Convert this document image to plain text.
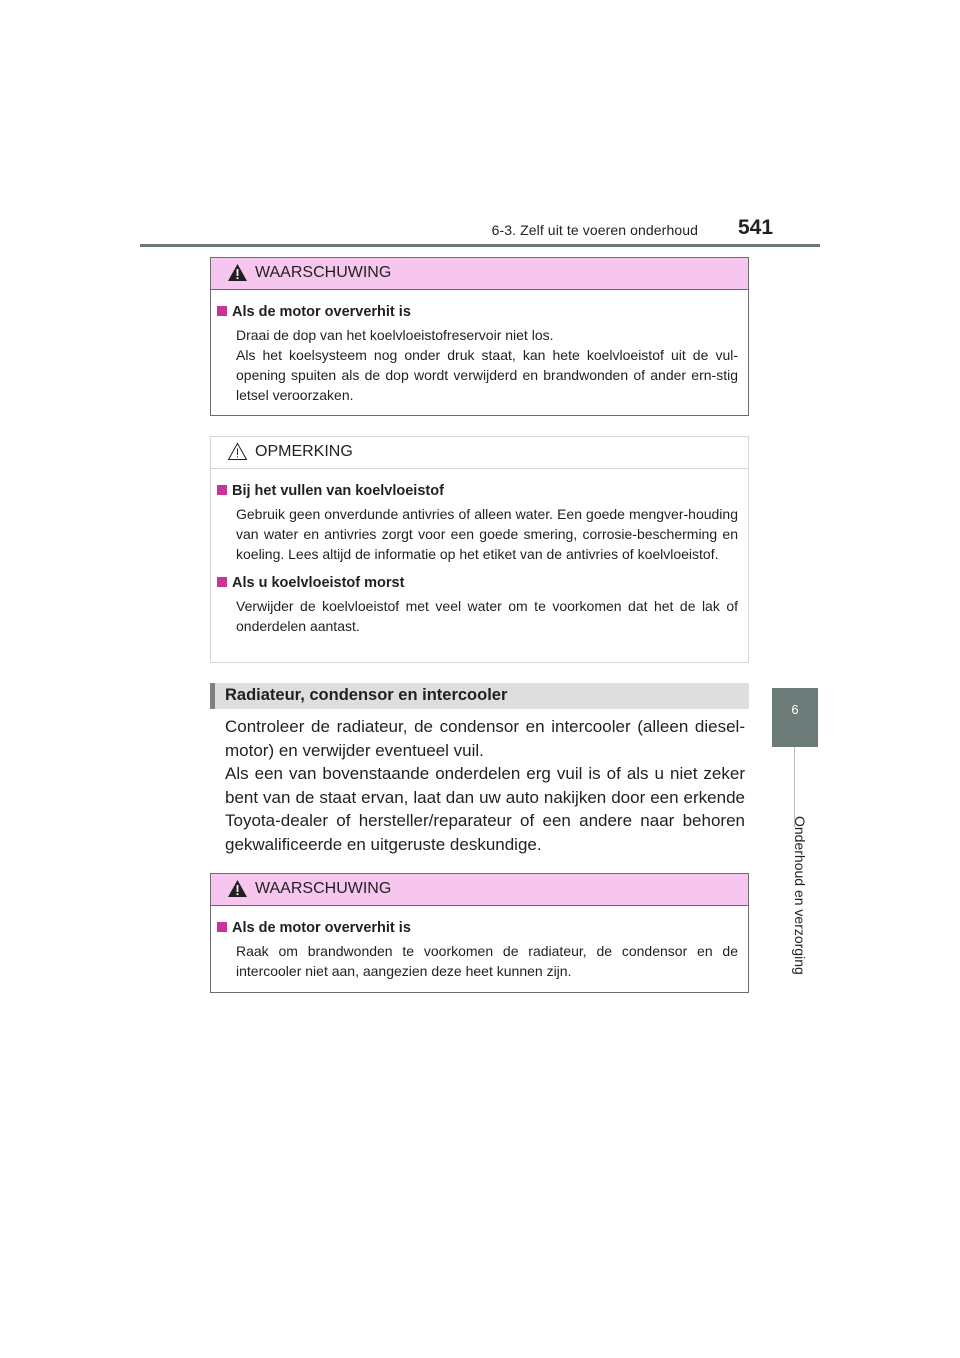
6-3. Zelf uit te voeren onderhoud 541
6
Onderhoud en verzorging
WAARSCHUWING
Als de motor oververhit is
Draai de dop van het koelvloeistofreservoir niet los.
Als het koelsysteem nog onder druk staat, kan hete koelvloeistof uit de vul-opening spuiten als de dop wordt verwijderd en brandwonden of ander ern-stig letsel veroorzaken.
OPMERKING
Bij het vullen van koelvloeistof
Gebruik geen onverdunde antivries of alleen water. Een goede mengver-houding van water en antivries zorgt voor een goede smering, corrosie-bescherming en koeling. Lees altijd de informatie op het etiket van de antivries of koelvloeistof.
Als u koelvloeistof morst
Verwijder de koelvloeistof met veel water om te voorkomen dat het de lak of onderdelen aantast.
Radiateur, condensor en intercooler

Controleer de radiateur, de condensor en intercooler (alleen diesel-motor) en verwijder eventueel vuil.

Als een van bovenstaande onderdelen erg vuil is of als u niet zeker bent van de staat ervan, laat dan uw auto nakijken door een erkende Toyota-dealer of hersteller/reparateur of een andere naar behoren gekwalificeerde en uitgeruste deskundige.

WAARSCHUWING
Als de motor oververhit is
Raak om brandwonden te voorkomen de radiateur, de condensor en de intercooler niet aan, aangezien deze heet kunnen zijn.
